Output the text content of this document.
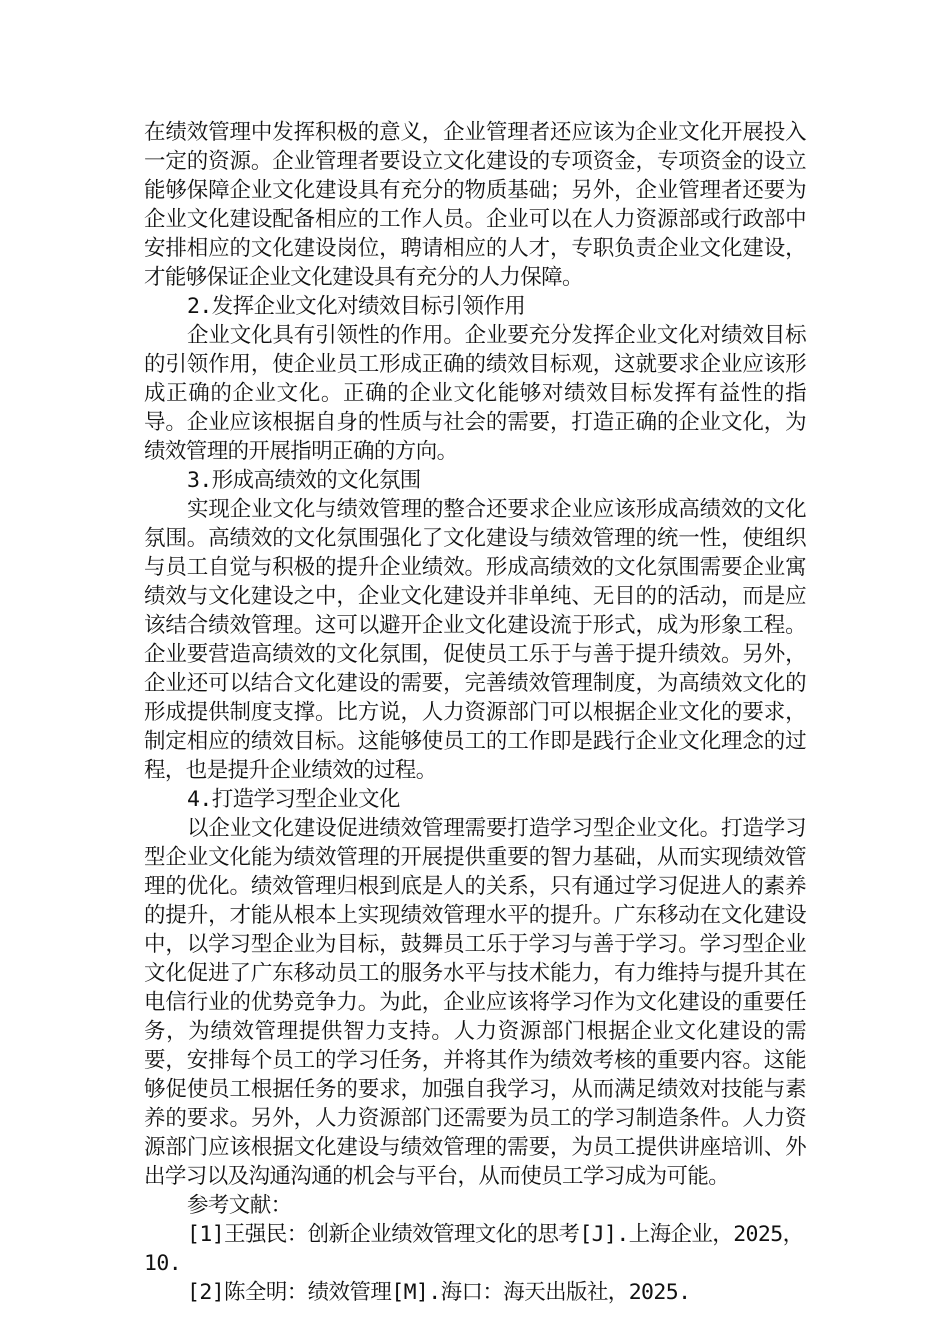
在绩效管理中发挥积极的意义，企业管理者还应该为企业文化开展投入一定的资源。企业管理者要设立文化建设的专项资金，专项资金的设立能够保障企业文化建设具有充分的物质基础；另外，企业管理者还要为企业文化建设配备相应的工作人员。企业可以在人力资源部或行政部中安排相应的文化建设岗位，聘请相应的人才，专职负责企业文化建设，才能够保证企业文化建设具有充分的人力保障。

2.发挥企业文化对绩效目标引领作用

企业文化具有引领性的作用。企业要充分发挥企业文化对绩效目标的引领作用，使企业员工形成正确的绩效目标观，这就要求企业应该形成正确的企业文化。正确的企业文化能够对绩效目标发挥有益性的指导。企业应该根据自身的性质与社会的需要，打造正确的企业文化，为绩效管理的开展指明正确的方向。

3.形成高绩效的文化氛围

实现企业文化与绩效管理的整合还要求企业应该形成高绩效的文化氛围。高绩效的文化氛围强化了文化建设与绩效管理的统一性，使组织与员工自觉与积极的提升企业绩效。形成高绩效的文化氛围需要企业寓绩效与文化建设之中，企业文化建设并非单纯、无目的的活动，而是应该结合绩效管理。这可以避开企业文化建设流于形式，成为形象工程。企业要营造高绩效的文化氛围，促使员工乐于与善于提升绩效。另外，企业还可以结合文化建设的需要，完善绩效管理制度，为高绩效文化的形成提供制度支撑。比方说，人力资源部门可以根据企业文化的要求，制定相应的绩效目标。这能够使员工的工作即是践行企业文化理念的过程，也是提升企业绩效的过程。

4.打造学习型企业文化

以企业文化建设促进绩效管理需要打造学习型企业文化。打造学习型企业文化能为绩效管理的开展提供重要的智力基础，从而实现绩效管理的优化。绩效管理归根到底是人的关系，只有通过学习促进人的素养的提升，才能从根本上实现绩效管理水平的提升。广东移动在文化建设中，以学习型企业为目标，鼓舞员工乐于学习与善于学习。学习型企业文化促进了广东移动员工的服务水平与技术能力，有力维持与提升其在电信行业的优势竞争力。为此，企业应该将学习作为文化建设的重要任务，为绩效管理提供智力支持。人力资源部门根据企业文化建设的需要，安排每个员工的学习任务，并将其作为绩效考核的重要内容。这能够促使员工根据任务的要求，加强自我学习，从而满足绩效对技能与素养的要求。另外，人力资源部门还需要为员工的学习制造条件。人力资源部门应该根据文化建设与绩效管理的需要，为员工提供讲座培训、外出学习以及沟通沟通的机会与平台，从而使员工学习成为可能。

参考文献：

[1]王强民：创新企业绩效管理文化的思考[J].上海企业，2025，10.

[2]陈全明：绩效管理[M].海口：海天出版社，2025.
